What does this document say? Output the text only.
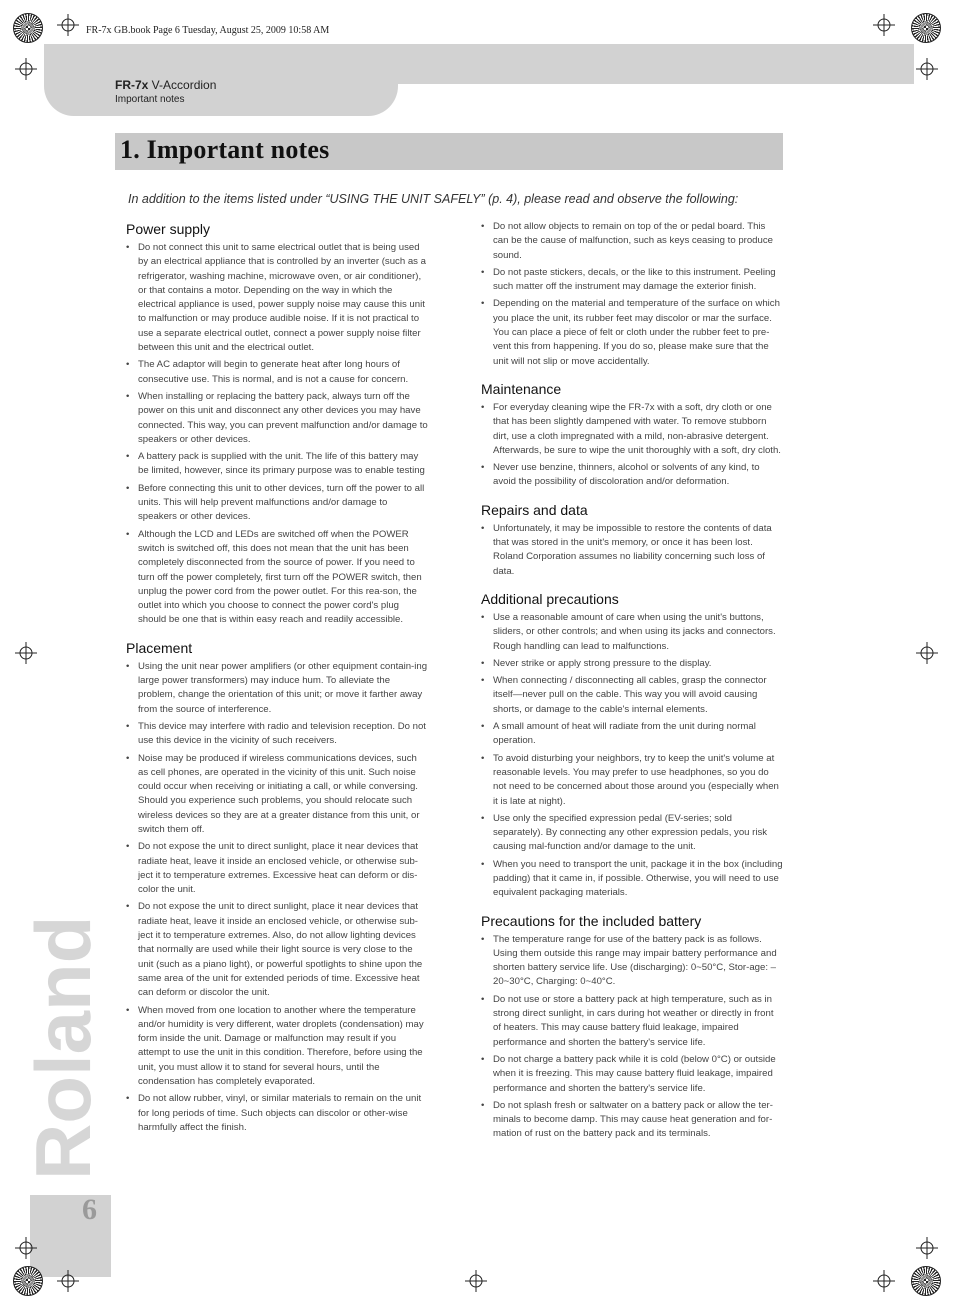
FR-7x GB.book Page 6 Tuesday, August 25, 2009 10:58 AM
FR-7x V-Accordion
Important notes
1. Important notes
In addition to the items listed under “USING THE UNIT SAFELY” (p. 4), please read and observe the following:
Power supply
• Do not connect this unit to same electrical outlet that is being used by an electrical appliance that is controlled by an inverter (such as a refrigerator, washing machine, microwave oven, or air conditioner), or that contains a motor. Depending on the way in which the electrical appliance is used, power supply noise may cause this unit to malfunction or may produce audible noise. If it is not practical to use a separate electrical outlet, connect a power supply noise filter between this unit and the electrical outlet.
• The AC adaptor will begin to generate heat after long hours of consecutive use. This is normal, and is not a cause for concern.
• When installing or replacing the battery pack, always turn off the power on this unit and disconnect any other devices you may have connected. This way, you can prevent malfunction and/or damage to speakers or other devices.
• A battery pack is supplied with the unit. The life of this battery may be limited, however, since its primary purpose was to enable testing
• Before connecting this unit to other devices, turn off the power to all units. This will help prevent malfunctions and/or damage to speakers or other devices.
• Although the LCD and LEDs are switched off when the POWER switch is switched off, this does not mean that the unit has been completely disconnected from the source of power. If you need to turn off the power completely, first turn off the POWER switch, then unplug the power cord from the power outlet. For this rea-son, the outlet into which you choose to connect the power cord's plug should be one that is within easy reach and readily accessible.
Placement
• Using the unit near power amplifiers (or other equipment contain-ing large power transformers) may induce hum. To alleviate the problem, change the orientation of this unit; or move it farther away from the source of interference.
• This device may interfere with radio and television reception. Do not use this device in the vicinity of such receivers.
• Noise may be produced if wireless communications devices, such as cell phones, are operated in the vicinity of this unit. Such noise could occur when receiving or initiating a call, or while conversing. Should you experience such problems, you should relocate such wireless devices so they are at a greater distance from this unit, or switch them off.
• Do not expose the unit to direct sunlight, place it near devices that radiate heat, leave it inside an enclosed vehicle, or otherwise sub-ject it to temperature extremes. Excessive heat can deform or dis-color the unit.
• Do not expose the unit to direct sunlight, place it near devices that radiate heat, leave it inside an enclosed vehicle, or otherwise sub-ject it to temperature extremes. Also, do not allow lighting devices that normally are used while their light source is very close to the unit (such as a piano light), or powerful spotlights to shine upon the same area of the unit for extended periods of time. Excessive heat can deform or discolor the unit.
• When moved from one location to another where the temperature and/or humidity is very different, water droplets (condensation) may form inside the unit. Damage or malfunction may result if you attempt to use the unit in this condition. Therefore, before using the unit, you must allow it to stand for several hours, until the condensation has completely evaporated.
• Do not allow rubber, vinyl, or similar materials to remain on the unit for long periods of time. Such objects can discolor or other-wise harmfully affect the finish.
• Do not allow objects to remain on top of the or pedal board. This can be the cause of malfunction, such as keys ceasing to produce sound.
• Do not paste stickers, decals, or the like to this instrument. Peeling such matter off the instrument may damage the exterior finish.
• Depending on the material and temperature of the surface on which you place the unit, its rubber feet may discolor or mar the surface. You can place a piece of felt or cloth under the rubber feet to pre-vent this from happening. If you do so, please make sure that the unit will not slip or move accidentally.
Maintenance
• For everyday cleaning wipe the FR-7x with a soft, dry cloth or one that has been slightly dampened with water. To remove stubborn dirt, use a cloth impregnated with a mild, non-abrasive detergent. Afterwards, be sure to wipe the unit thoroughly with a soft, dry cloth.
• Never use benzine, thinners, alcohol or solvents of any kind, to avoid the possibility of discoloration and/or deformation.
Repairs and data
• Unfortunately, it may be impossible to restore the contents of data that was stored in the unit's memory, or once it has been lost. Roland Corporation assumes no liability concerning such loss of data.
Additional precautions
• Use a reasonable amount of care when using the unit's buttons, sliders, or other controls; and when using its jacks and connectors. Rough handling can lead to malfunctions.
• Never strike or apply strong pressure to the display.
• When connecting / disconnecting all cables, grasp the connector itself—never pull on the cable. This way you will avoid causing shorts, or damage to the cable's internal elements.
• A small amount of heat will radiate from the unit during normal operation.
• To avoid disturbing your neighbors, try to keep the unit's volume at reasonable levels. You may prefer to use headphones, so you do not need to be concerned about those around you (especially when it is late at night).
• Use only the specified expression pedal (EV-series; sold separately). By connecting any other expression pedals, you risk causing mal-function and/or damage to the unit.
• When you need to transport the unit, package it in the box (including padding) that it came in, if possible. Otherwise, you will need to use equivalent packaging materials.
Precautions for the included battery
• The temperature range for use of the battery pack is as follows. Using them outside this range may impair battery performance and shorten battery service life. Use (discharging): 0~50°C, Stor-age: –20~30°C, Charging: 0~40°C.
• Do not use or store a battery pack at high temperature, such as in strong direct sunlight, in cars during hot weather or directly in front of heaters. This may cause battery fluid leakage, impaired performance and shorten the battery's service life.
• Do not charge a battery pack while it is cold (below 0°C) or outside when it is freezing. This may cause battery fluid leakage, impaired performance and shorten the battery's service life.
• Do not splash fresh or saltwater on a battery pack or allow the ter-minals to become damp. This may cause heat generation and for-mation of rust on the battery pack and its terminals.
Roland
6
